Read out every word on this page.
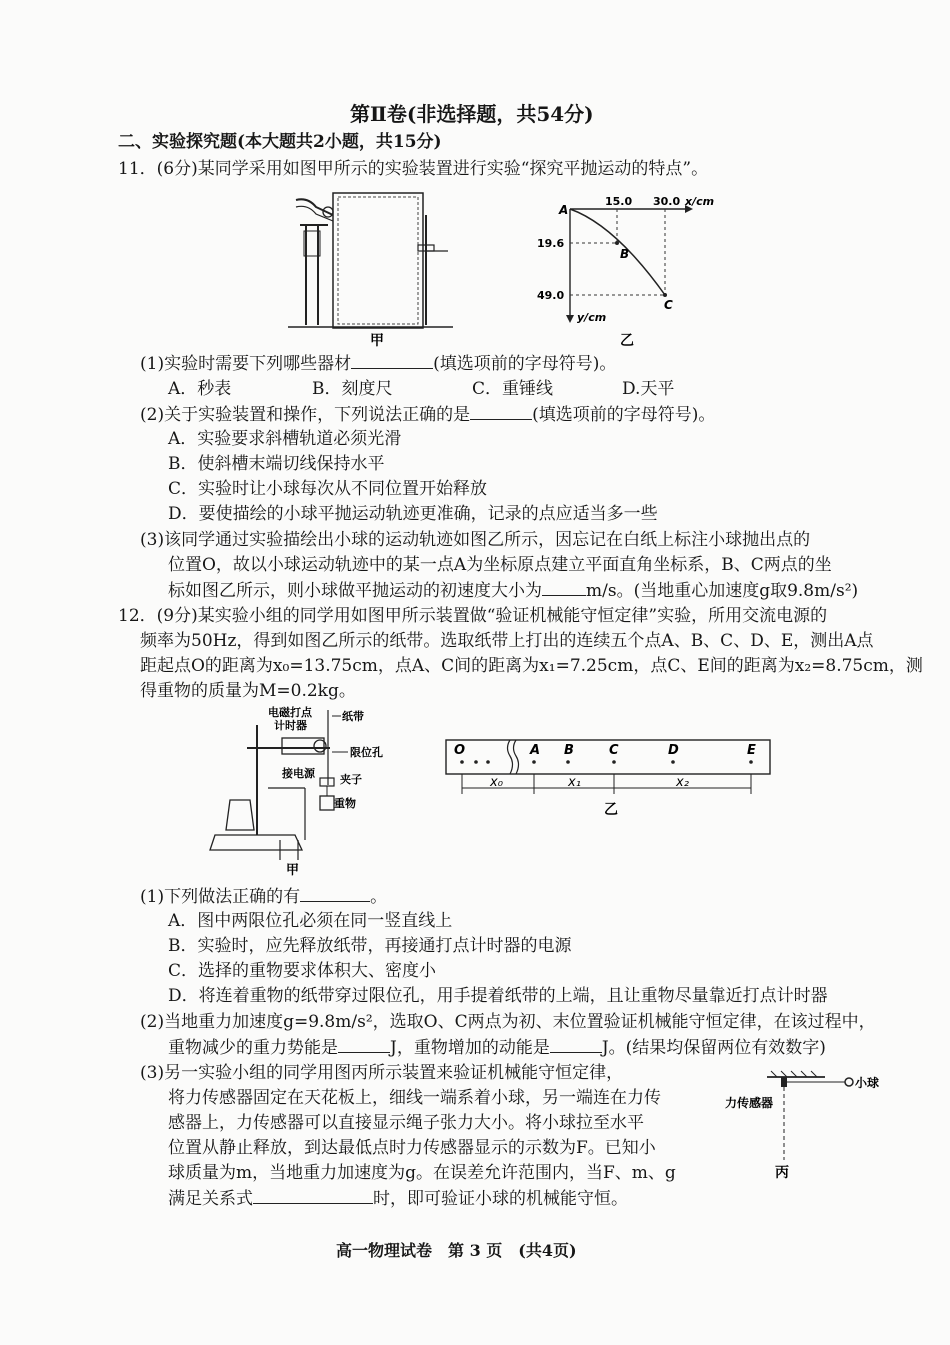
第Ⅱ卷(非选择题，共54分)
二、实验探究题(本大题共2小题，共15分)
11．(6分)某同学采用如图甲所示的实验装置进行实验“探究平抛运动的特点”。
甲
A
B
C
15.0 30.0 x/cm
19.6
49.0
y/cm
乙
(1)实验时需要下列哪些器材	(填选项前的字母符号)。
A．秒表	B．刻度尺	C．重锤线	D.天平
(2)关于实验装置和操作，下列说法正确的是	(填选项前的字母符号)。
A．实验要求斜槽轨道必须光滑
B．使斜槽末端切线保持水平
C．实验时让小球每次从不同位置开始释放
D．要使描绘的小球平抛运动轨迹更准确，记录的点应适当多一些
(3)该同学通过实验描绘出小球的运动轨迹如图乙所示，因忘记在白纸上标注小球抛出点的
位置O，故以小球运动轨迹中的某一点A为坐标原点建立平面直角坐标系，B、C两点的坐
标如图乙所示，则小球做平抛运动的初速度大小为	m/s。(当地重心加速度g取9.8m/s²)
12．(9分)某实验小组的同学用如图甲所示装置做“验证机械能守恒定律”实验，所用交流电源的
频率为50Hz，得到如图乙所示的纸带。选取纸带上打出的连续五个点A、B、C、D、E，测出A点
距起点O的距离为x₀=13.75cm，点A、C间的距离为x₁=7.25cm，点C、E间的距离为x₂=8.75cm，测
得重物的质量为M=0.2kg。
电磁打点
计时器
纸带
限位孔
接电源 夹子
重物
甲
O	A B	C	D	E
x₀	x₁	x₂
乙
(1)下列做法正确的有	。
A．图中两限位孔必须在同一竖直线上
B．实验时，应先释放纸带，再接通打点计时器的电源
C．选择的重物要求体积大、密度小
D．将连着重物的纸带穿过限位孔，用手提着纸带的上端，且让重物尽量靠近打点计时器
(2)当地重力加速度g=9.8m/s²，选取O、C两点为初、末位置验证机械能守恒定律，在该过程中，
重物减少的重力势能是	J，重物增加的动能是	J。(结果均保留两位有效数字)
(3)另一实验小组的同学用图丙所示装置来验证机械能守恒定律，
将力传感器固定在天花板上，细线一端系着小球，另一端连在力传
感器上，力传感器可以直接显示绳子张力大小。将小球拉至水平
位置从静止释放，到达最低点时力传感器显示的示数为F。已知小
球质量为m，当地重力加速度为g。在误差允许范围内，当F、m、g
满足关系式	时，即可验证小球的机械能守恒。
小球
力传感器
丙
高一物理试卷　第 3 页　(共4页)
